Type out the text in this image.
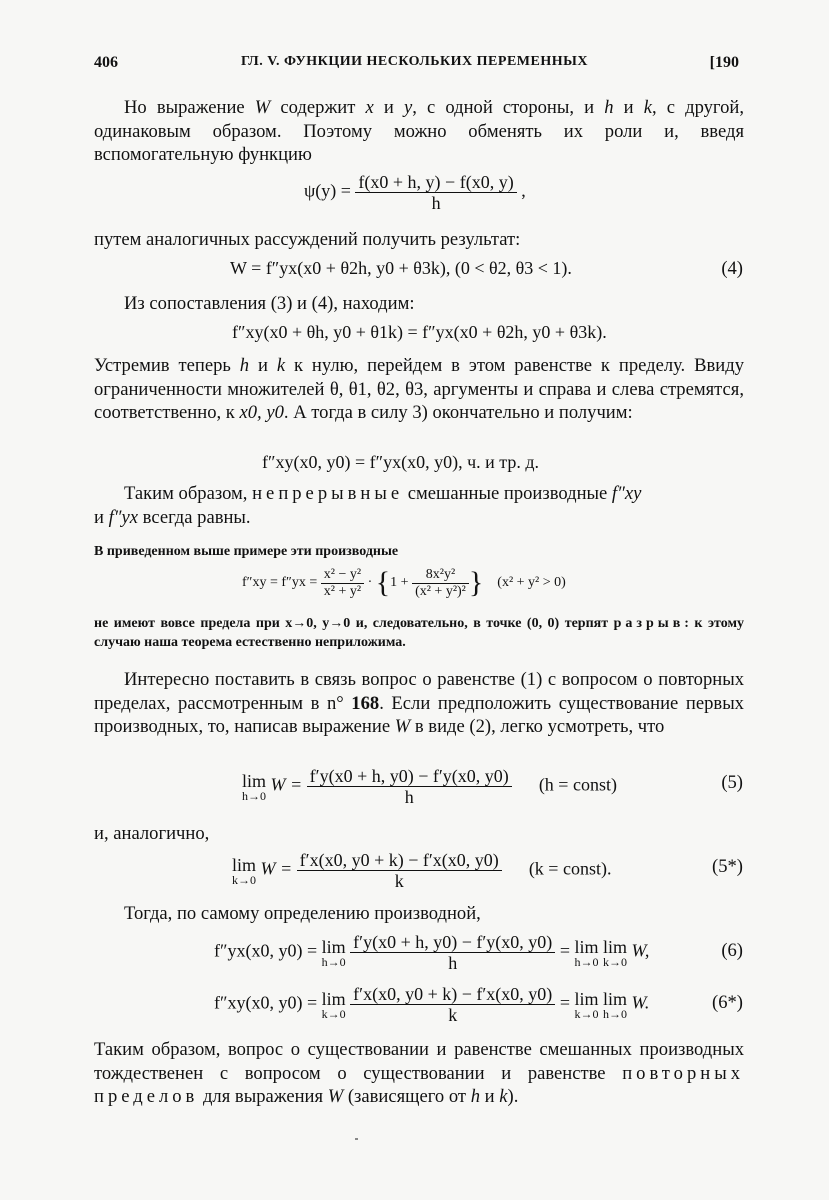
406	ГЛ. V. ФУНКЦИИ НЕСКОЛЬКИХ ПЕРЕМЕННЫХ	[190
Но выражение W содержит x и y, с одной стороны, и h и k, с другой, одинаковым образом. Поэтому можно обменять их роли и, введя вспомогательную функцию
$\psi(y) = \frac{f(x0 + h, y) - f(x0, y)}{h}$ ,
путем аналогичных рассуждений получить результат:
W = f″yx(x0 + θ2h, y0 + θ3k), (0 < θ2, θ3 < 1).	(4)
Из сопоставления (3) и (4), находим:
f″xy(x0 + θh, y0 + θ1k) = f″yx(x0 + θ2h, y0 + θ3k).
Устремив теперь h и k к нулю, перейдем в этом равенстве к пределу. Ввиду ограниченности множителей θ, θ1, θ2, θ3, аргументы и справа и слева стремятся, соответственно, к x0, y0. А тогда в силу 3) окончательно и получим:
f″xy(x0, y0) = f″yx(x0, y0), ч. и тр. д.
Таким образом, непрерывные смешанные производные f″xy
и f″yx всегда равны.
В приведенном выше примере эти производные
$f''xy = f''yx = \frac{\text{x² − y²}}{\text{x² + y²}} \cdot \{1 + \frac{\text{8x²y²}}{\text{(x² + y²)²}}$ } (x² + y² > 0)
не имеют вовсе предела при x→0, y→0 и, следовательно, в точке (0, 0) терпят разрыв: к этому случаю наша теорема естественно неприложима.
Интересно поставить в связь вопрос о равенстве (1) с вопросом о повторных пределах, рассмотренным в n° 168. Если предположить существование первых производных, то, написав выражение W в виде (2), легко усмотреть, что
lim
h→0
$W = \frac{f'y(x0 + h, y0) - f'y(x0, y0)}{h} (h$ = const)	(5)
и, аналогично,
lim
k→0
$W = \frac{f'x(x0, y0 + k) - f'x(x0, y0)}{k} (k$ = const).	(5*)
Тогда, по самому определению производной,
f″yx(x0, y0) = lim
h→0
$\frac{f'y(x0 + h, y0) - f'y(x0, y0)}{h} = \lim$
h→0
lim
k→0
W,	(6)
f″xy(x0, y0) = lim
k→0
$\frac{f'x(x0, y0 + k) - f'x(x0, y0)}{k} = \lim$
k→0
lim
h→0
W.	(6*)
Таким образом, вопрос о существовании и равенстве смешанных производных тождественен с вопросом о существовании и равенстве повторных пределов для выражения W (зависящего от h и k).
